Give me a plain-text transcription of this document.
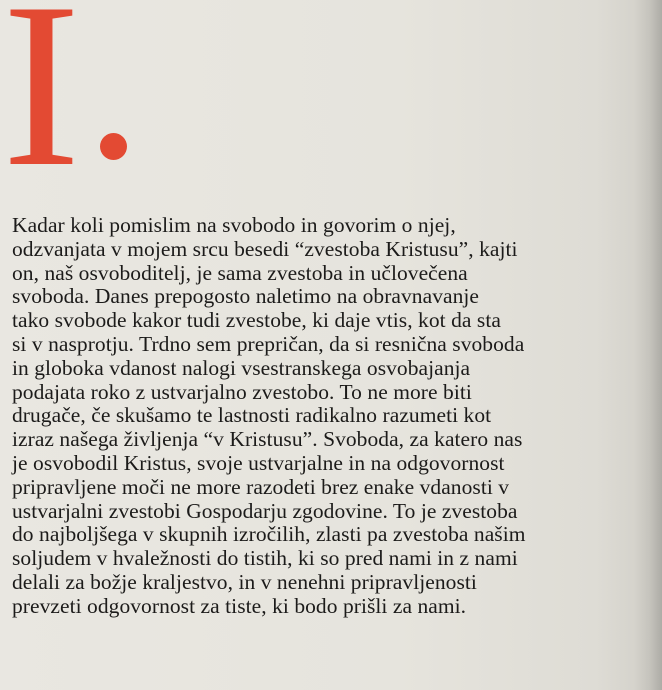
I
Kadar koli pomislim na svobodo in govorim o njej,
odzvanjata v mojem srcu besedi “zvestoba Kristusu”, kajti
on, naš osvoboditelj, je sama zvestoba in učlovečena
svoboda. Danes prepogosto naletimo na obravnavanje
tako svobode kakor tudi zvestobe, ki daje vtis, kot da sta
si v nasprotju. Trdno sem prepričan, da si resnična svoboda
in globoka vdanost nalogi vsestranskega osvobajanja
podajata roko z ustvarjalno zvestobo. To ne more biti
drugače, če skušamo te lastnosti radikalno razumeti kot
izraz našega življenja “v Kristusu”. Svoboda, za katero nas
je osvobodil Kristus, svoje ustvarjalne in na odgovornost
pripravljene moči ne more razodeti brez enake vdanosti v
ustvarjalni zvestobi Gospodarju zgodovine. To je zvestoba
do najboljšega v skupnih izročilih, zlasti pa zvestoba našim
soljudem v hvaležnosti do tistih, ki so pred nami in z nami
delali za božje kraljestvo, in v nenehni pripravljenosti
prevzeti odgovornost za tiste, ki bodo prišli za nami.
